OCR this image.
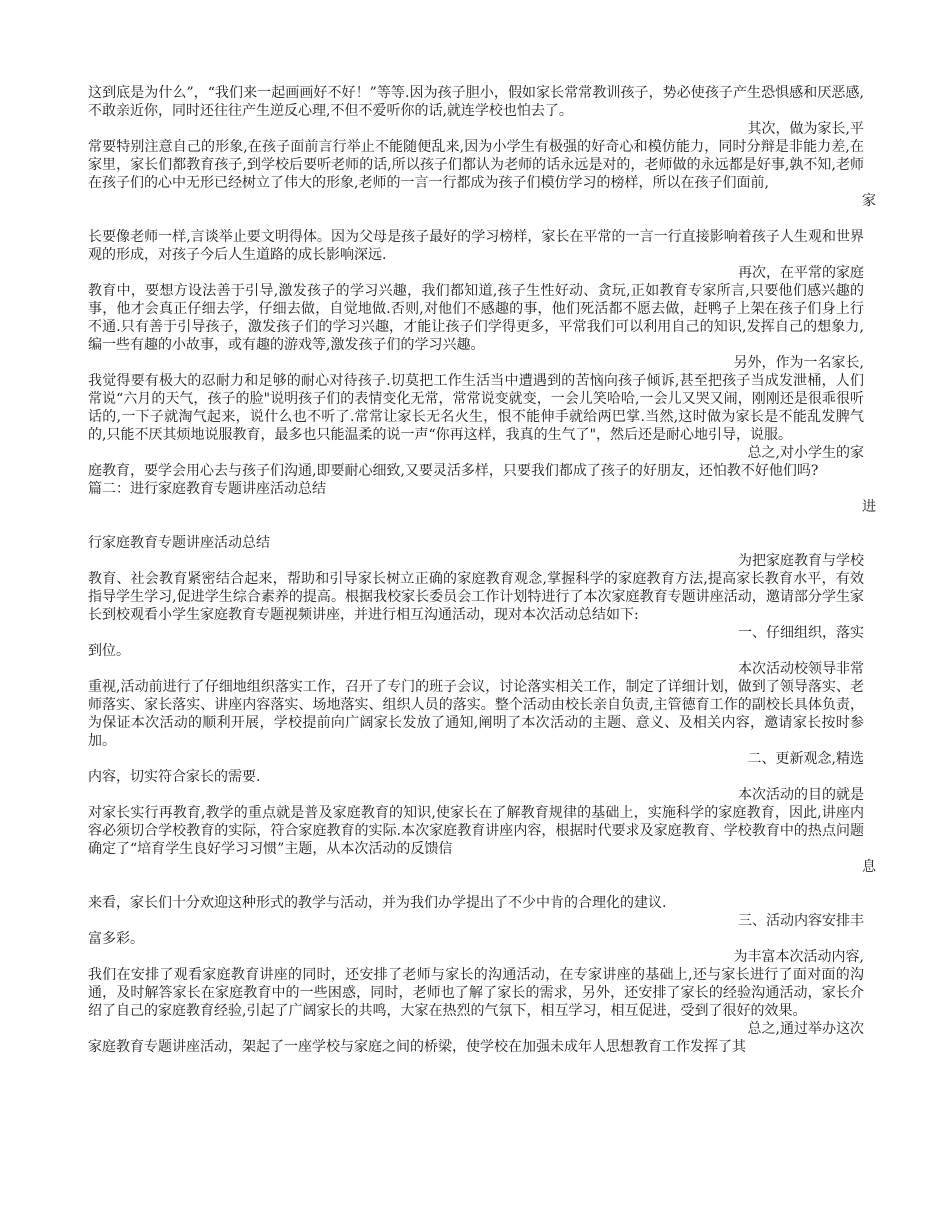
这到底是为什么”，“我们来一起画画好不好！”等等.因为孩子胆小，假如家长常常教训孩子，势必使孩子产生恐惧感和厌恶感,不敢亲近你，同时还往往产生逆反心理,不但不爱听你的话,就连学校也怕去了。

其次，做为家长,平

常要特别注意自己的形象,在孩子面前言行举止不能随便乱来,因为小学生有极强的好奇心和模仿能力，同时分辩是非能力差,在家里，家长们都教育孩子,到学校后要听老师的话,所以孩子们都认为老师的话永远是对的，老师做的永远都是好事,孰不知,老师在孩子们的心中无形已经树立了伟大的形象,老师的一言一行都成为孩子们模仿学习的榜样，所以在孩子们面前,

家

长要像老师一样,言谈举止要文明得体。因为父母是孩子最好的学习榜样，家长在平常的一言一行直接影响着孩子人生观和世界观的形成，对孩子今后人生道路的成长影响深远.

再次，在平常的家庭

教育中，要想方设法善于引导,激发孩子的学习兴趣，我们都知道,孩子生性好动、贪玩,正如教育专家所言,只要他们感兴趣的事，他才会真正仔细去学，仔细去做，自觉地做.否则,对他们不感趣的事，他们死活都不愿去做，赶鸭子上架在孩子们身上行不通.只有善于引导孩子，激发孩子们的学习兴趣，才能让孩子们学得更多，平常我们可以利用自己的知识,发挥自己的想象力,编一些有趣的小故事，或有趣的游戏等,激发孩子们的学习兴趣。

另外，作为一名家长,

我觉得要有极大的忍耐力和足够的耐心对待孩子.切莫把工作生活当中遭遇到的苦恼向孩子倾诉,甚至把孩子当成发泄桶，人们常说“六月的天气，孩子的脸"说明孩子们的表情变化无常，常常说变就变，一会儿笑哈哈,一会儿又哭又闹，刚刚还是很乖很听话的,一下子就淘气起来，说什么也不听了.常常让家长无名火生，恨不能伸手就给两巴掌.当然,这时做为家长是不能乱发脾气的,只能不厌其烦地说服教育，最多也只能温柔的说一声“你再这样，我真的生气了"，然后还是耐心地引导，说服。

总之,对小学生的家

庭教育，要学会用心去与孩子们沟通,即要耐心细致,又要灵活多样，只要我们都成了孩子的好朋友，还怕教不好他们吗?

篇二：进行家庭教育专题讲座活动总结

进

行家庭教育专题讲座活动总结

为把家庭教育与学校

教育、社会教育紧密结合起来，帮助和引导家长树立正确的家庭教育观念,掌握科学的家庭教育方法,提高家长教育水平，有效指导学生学习,促进学生综合素养的提高。根据我校家长委员会工作计划特进行了本次家庭教育专题讲座活动，邀请部分学生家长到校观看小学生家庭教育专题视频讲座，并进行相互沟通活动，现对本次活动总结如下:

一、仔细组织，落实

到位。

本次活动校领导非常

重视,活动前进行了仔细地组织落实工作，召开了专门的班子会议，讨论落实相关工作，制定了详细计划，做到了领导落实、老师落实、家长落实、讲座内容落实、场地落实、组织人员的落实。整个活动由校长亲自负责,主管德育工作的副校长具体负责，为保证本次活动的顺利开展，学校提前向广阔家长发放了通知,阐明了本次活动的主题、意义、及相关内容，邀请家长按时参加。

二、更新观念,精选

内容，切实符合家长的需要.

本次活动的目的就是

对家长实行再教育,教学的重点就是普及家庭教育的知识,使家长在了解教育规律的基础上，实施科学的家庭教育，因此,讲座内容必须切合学校教育的实际，符合家庭教育的实际.本次家庭教育讲座内容，根据时代要求及家庭教育、学校教育中的热点问题确定了“培育学生良好学习习惯”主题，从本次活动的反馈信

息

来看，家长们十分欢迎这种形式的教学与活动，并为我们办学提出了不少中肯的合理化的建议.

三、活动内容安排丰

富多彩。

为丰富本次活动内容,

我们在安排了观看家庭教育讲座的同时，还安排了老师与家长的沟通活动，在专家讲座的基础上,还与家长进行了面对面的沟通，及时解答家长在家庭教育中的一些困惑，同时，老师也了解了家长的需求，另外，还安排了家长的经验沟通活动，家长介绍了自己的家庭教育经验,引起了广阔家长的共鸣，大家在热烈的气氛下，相互学习，相互促进，受到了很好的效果。

总之,通过举办这次

家庭教育专题讲座活动，架起了一座学校与家庭之间的桥梁，使学校在加强未成年人思想教育工作发挥了其
